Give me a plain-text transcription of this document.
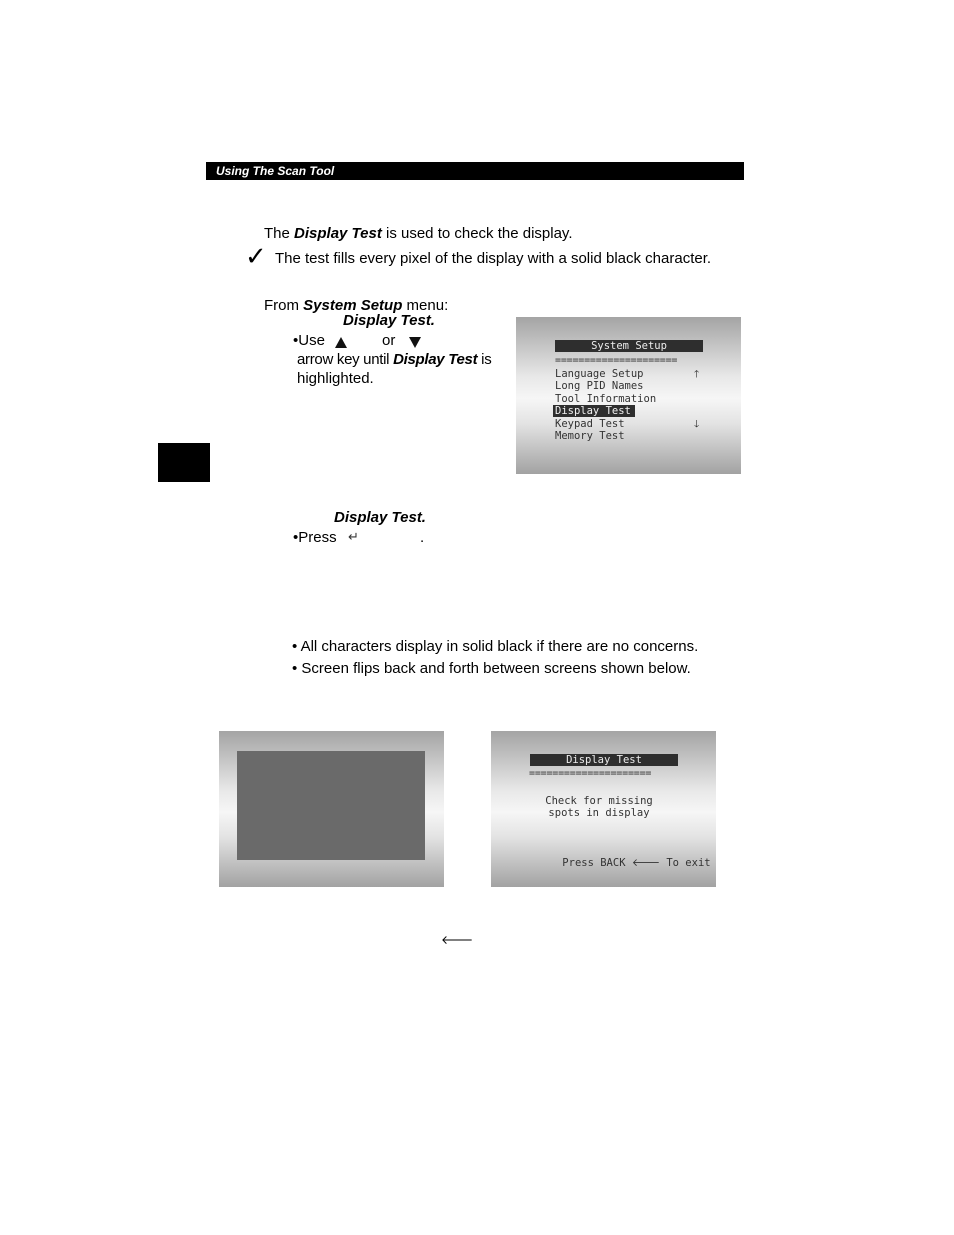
Using The Scan Tool
The Display Test is used to check the display.
✓ The test fills every pixel of the display with a solid black character.
From System Setup menu:
Display Test.
•Use	or
arrow key until Display Test is
highlighted.
System Setup
=====================
Language Setup
Long PID Names
Tool Information
Display Test
Keypad Test
Memory Test
🡑
🡓
Display Test.
•Press ↵	.
• All characters display in solid black if there are no concerns.
• Screen flips back and forth between screens shown below.
Display Test
=====================
Check for missing
spots in display

Press BACK 🡐 To exit

🡐
